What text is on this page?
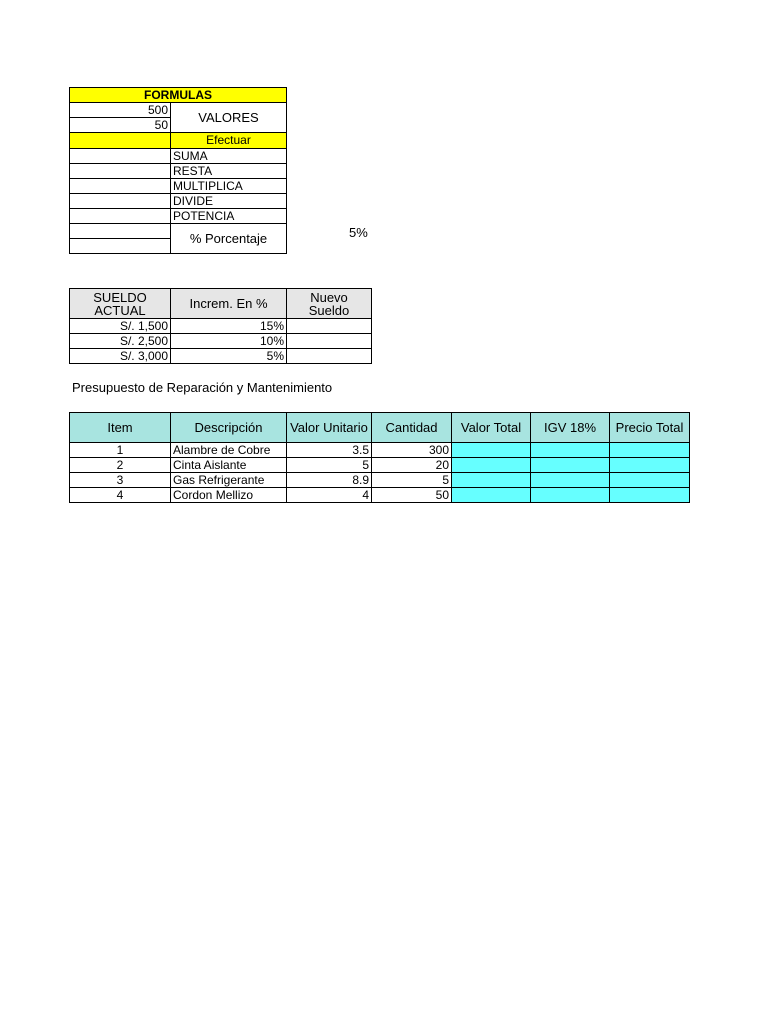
FORMULAS	
500	VALORES
50	
	Efectuar
	SUMA
	RESTA
	MULTIPLICA
	DIVIDE
	POTENCIA
	% Porcentaje	5%
SUELDO ACTUAL	Increm. En %	Nuevo Sueldo
S/. 1,500	15%	
S/. 2,500	10%	
S/. 3,000	5%	
Presupuesto de Reparación y Mantenimiento
Item	Descripción	Valor Unitario	Cantidad	Valor Total	IGV 18%	Precio Total
1	Alambre de Cobre	3.5	300			
2	Cinta Aislante	5	20			
3	Gas Refrigerante	8.9	5			
4	Cordon Mellizo	4	50			
